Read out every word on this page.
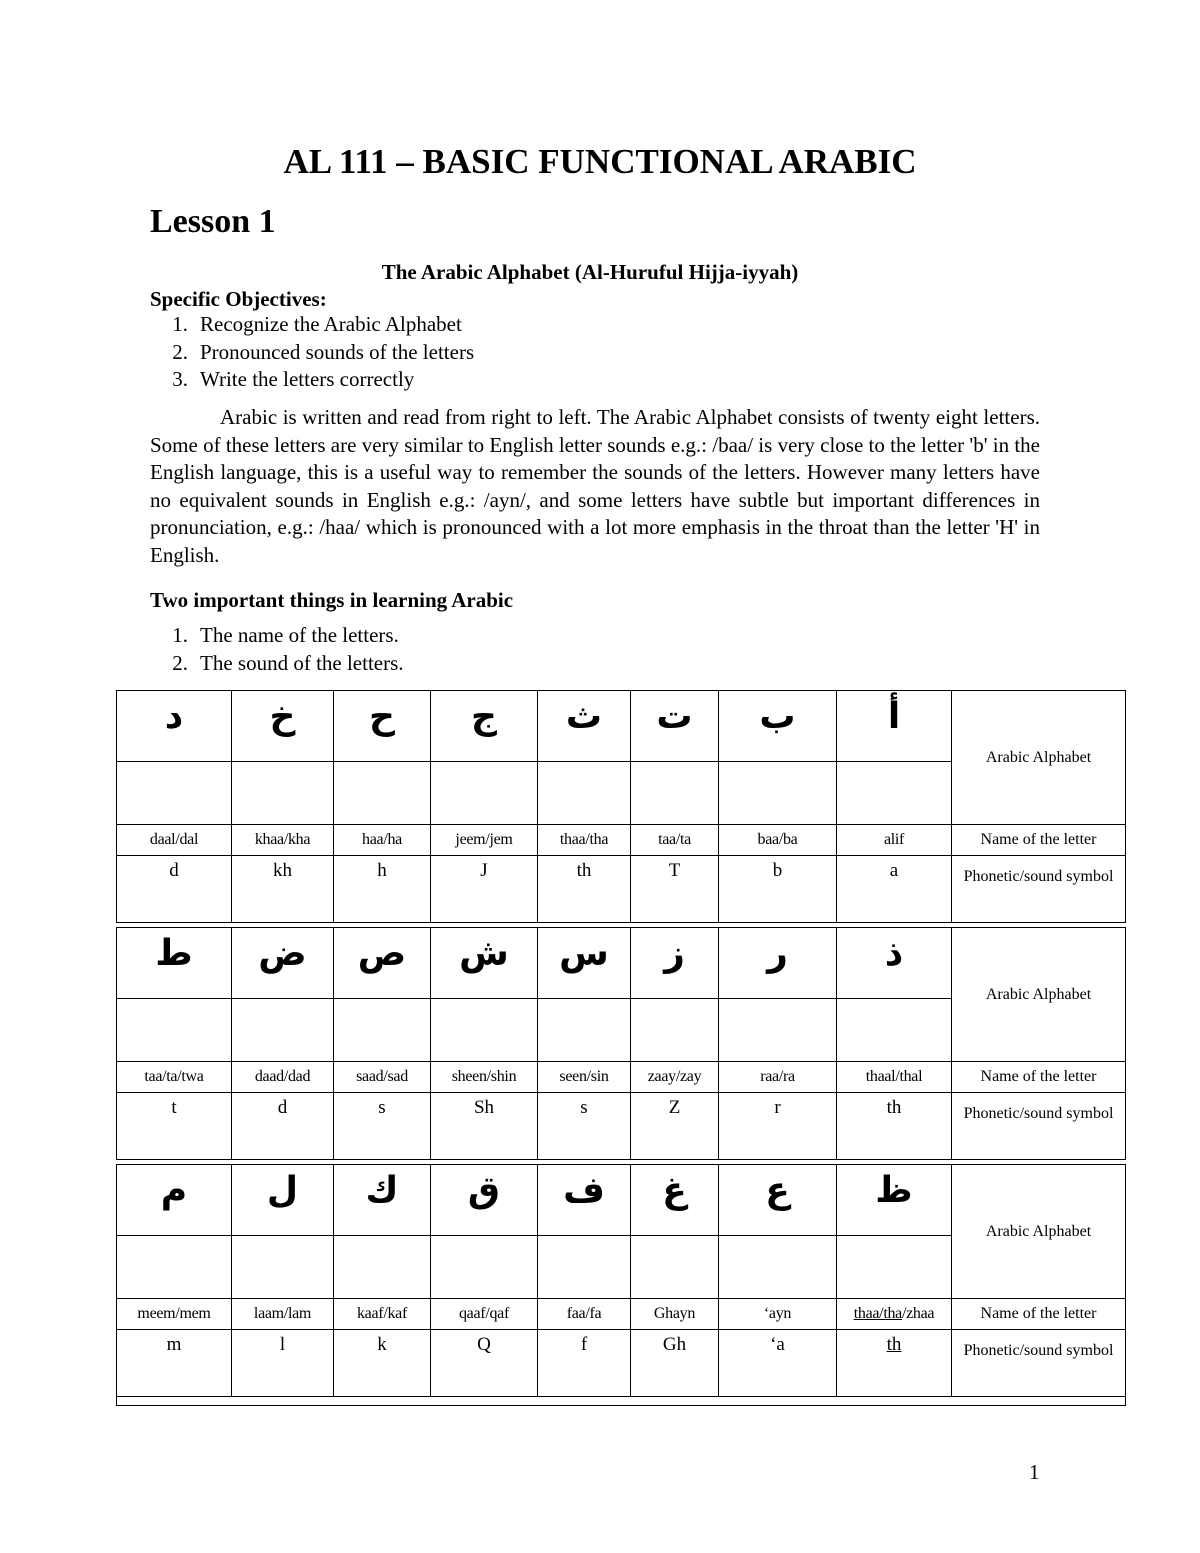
AL 111 – BASIC FUNCTIONAL ARABIC
Lesson 1
The Arabic Alphabet (Al-Huruful Hijja-iyyah)
Specific Objectives:
1. Recognize the Arabic Alphabet
2. Pronounced sounds of the letters
3. Write the letters correctly

Arabic is written and read from right to left. The Arabic Alphabet consists of twenty eight letters. Some of these letters are very similar to English letter sounds e.g.: /baa/ is very close to the letter 'b' in the English language, this is a useful way to remember the sounds of the letters. However many letters have no equivalent sounds in English e.g.: /ayn/, and some letters have subtle but important differences in pronunciation, e.g.: /haa/ which is pronounced with a lot more emphasis in the throat than the letter 'H' in English.

Two important things in learning Arabic
1. The name of the letters.
2. The sound of the letters.
د	خ	ح	ج	ث	ت	ب	أ	Arabic Alphabet

daal/dal	khaa/kha	haa/ha	jeem/jem	thaa/tha	taa/ta	baa/ba	alif	Name of the letter
d	kh	h	J	th	T	b	a	Phonetic/sound symbol

ط	ض	ص	ش	س	ز	ر	ذ	Arabic Alphabet

taa/ta/twa	daad/dad	saad/sad	sheen/shin	seen/sin	zaay/zay	raa/ra	thaal/thal	Name of the letter
t	d	s	Sh	s	Z	r	th	Phonetic/sound symbol

م	ل	ك	ق	ف	غ	ع	ظ	Arabic Alphabet

meem/mem	laam/lam	kaaf/kaf	qaaf/qaf	faa/fa	Ghayn	‘ayn	thaa/tha/zhaa	Name of the letter
m	l	k	Q	f	Gh	‘a	th	Phonetic/sound symbol

1
